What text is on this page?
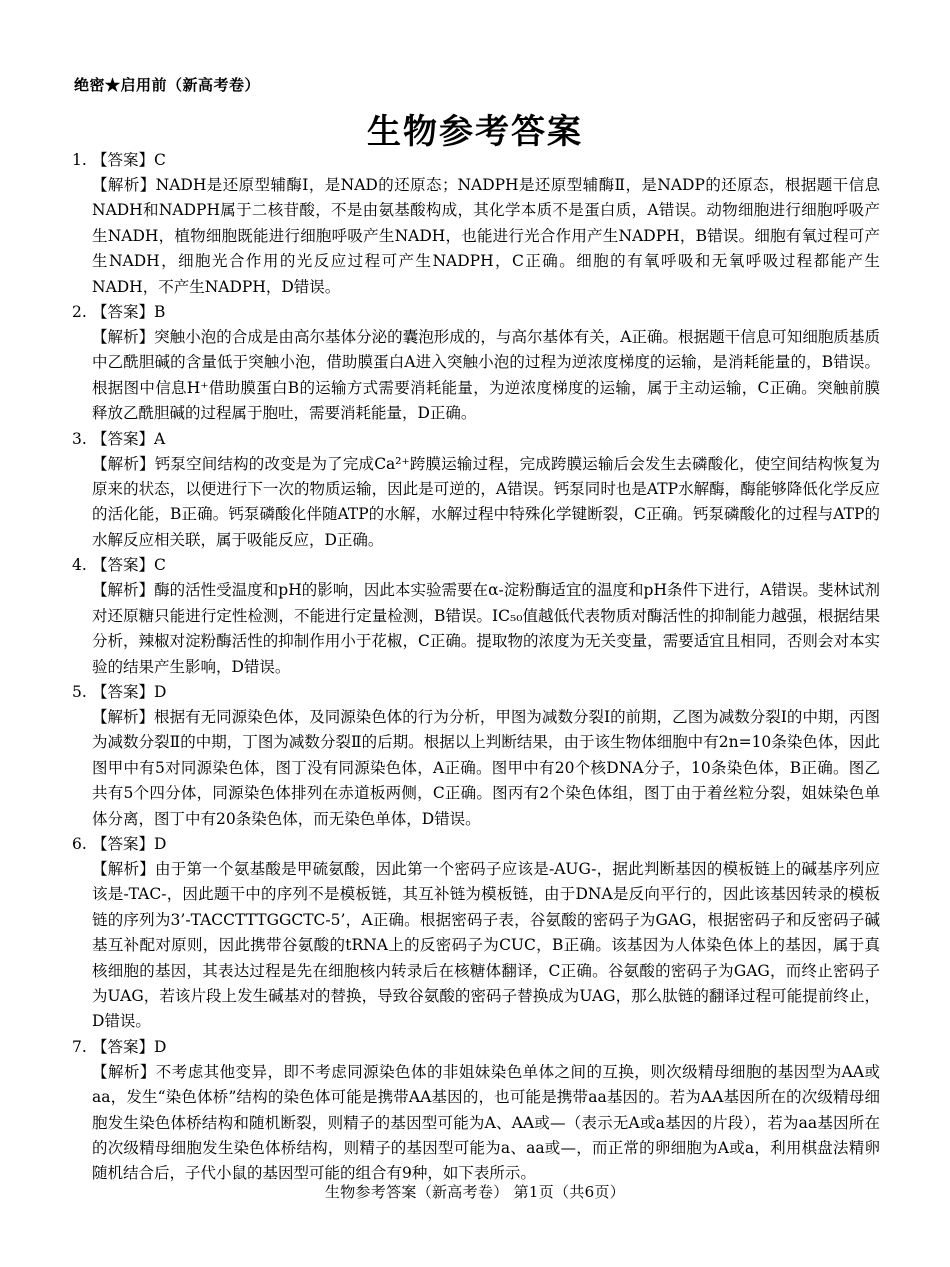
绝密★启用前（新高考卷）
生物参考答案
1. 【答案】C
【解析】NADH是还原型辅酶Ⅰ，是NAD的还原态；NADPH是还原型辅酶Ⅱ，是NADP的还原态，根据题干信息NADH和NADPH属于二核苷酸，不是由氨基酸构成，其化学本质不是蛋白质，A错误。动物细胞进行细胞呼吸产生NADH，植物细胞既能进行细胞呼吸产生NADH，也能进行光合作用产生NADPH，B错误。细胞有氧过程可产生NADH，细胞光合作用的光反应过程可产生NADPH，C正确。细胞的有氧呼吸和无氧呼吸过程都能产生NADH，不产生NADPH，D错误。
2. 【答案】B
【解析】突触小泡的合成是由高尔基体分泌的囊泡形成的，与高尔基体有关，A正确。根据题干信息可知细胞质基质中乙酰胆碱的含量低于突触小泡，借助膜蛋白A进入突触小泡的过程为逆浓度梯度的运输，是消耗能量的，B错误。根据图中信息H⁺借助膜蛋白B的运输方式需要消耗能量，为逆浓度梯度的运输，属于主动运输，C正确。突触前膜释放乙酰胆碱的过程属于胞吐，需要消耗能量，D正确。
3. 【答案】A
【解析】钙泵空间结构的改变是为了完成Ca²⁺跨膜运输过程，完成跨膜运输后会发生去磷酸化，使空间结构恢复为原来的状态，以便进行下一次的物质运输，因此是可逆的，A错误。钙泵同时也是ATP水解酶，酶能够降低化学反应的活化能，B正确。钙泵磷酸化伴随ATP的水解，水解过程中特殊化学键断裂，C正确。钙泵磷酸化的过程与ATP的水解反应相关联，属于吸能反应，D正确。
4. 【答案】C
【解析】酶的活性受温度和pH的影响，因此本实验需要在α-淀粉酶适宜的温度和pH条件下进行，A错误。斐林试剂对还原糖只能进行定性检测，不能进行定量检测，B错误。IC₅₀值越低代表物质对酶活性的抑制能力越强，根据结果分析，辣椒对淀粉酶活性的抑制作用小于花椒，C正确。提取物的浓度为无关变量，需要适宜且相同，否则会对本实验的结果产生影响，D错误。
5. 【答案】D
【解析】根据有无同源染色体，及同源染色体的行为分析，甲图为减数分裂Ⅰ的前期，乙图为减数分裂Ⅰ的中期，丙图为减数分裂Ⅱ的中期，丁图为减数分裂Ⅱ的后期。根据以上判断结果，由于该生物体细胞中有2n=10条染色体，因此图甲中有5对同源染色体，图丁没有同源染色体，A正确。图甲中有20个核DNA分子，10条染色体，B正确。图乙共有5个四分体，同源染色体排列在赤道板两侧，C正确。图丙有2个染色体组，图丁由于着丝粒分裂，姐妹染色单体分离，图丁中有20条染色体，而无染色单体，D错误。
6. 【答案】D
【解析】由于第一个氨基酸是甲硫氨酸，因此第一个密码子应该是-AUG-，据此判断基因的模板链上的碱基序列应该是-TAC-，因此题干中的序列不是模板链，其互补链为模板链，由于DNA是反向平行的，因此该基因转录的模板链的序列为3’-TACCTTTGGCTC-5’，A正确。根据密码子表，谷氨酸的密码子为GAG，根据密码子和反密码子碱基互补配对原则，因此携带谷氨酸的tRNA上的反密码子为CUC，B正确。该基因为人体染色体上的基因，属于真核细胞的基因，其表达过程是先在细胞核内转录后在核糖体翻译，C正确。谷氨酸的密码子为GAG，而终止密码子为UAG，若该片段上发生碱基对的替换，导致谷氨酸的密码子替换成为UAG，那么肽链的翻译过程可能提前终止，D错误。
7. 【答案】D
【解析】不考虑其他变异，即不考虑同源染色体的非姐妹染色单体之间的互换，则次级精母细胞的基因型为AA或aa，发生“染色体桥”结构的染色体可能是携带AA基因的，也可能是携带aa基因的。若为AA基因所在的次级精母细胞发生染色体桥结构和随机断裂，则精子的基因型可能为A、AA或—（表示无A或a基因的片段），若为aa基因所在的次级精母细胞发生染色体桥结构，则精子的基因型可能为a、aa或—，而正常的卵细胞为A或a，利用棋盘法精卵随机结合后，子代小鼠的基因型可能的组合有9种，如下表所示。
生物参考答案（新高考卷） 第1页（共6页）
